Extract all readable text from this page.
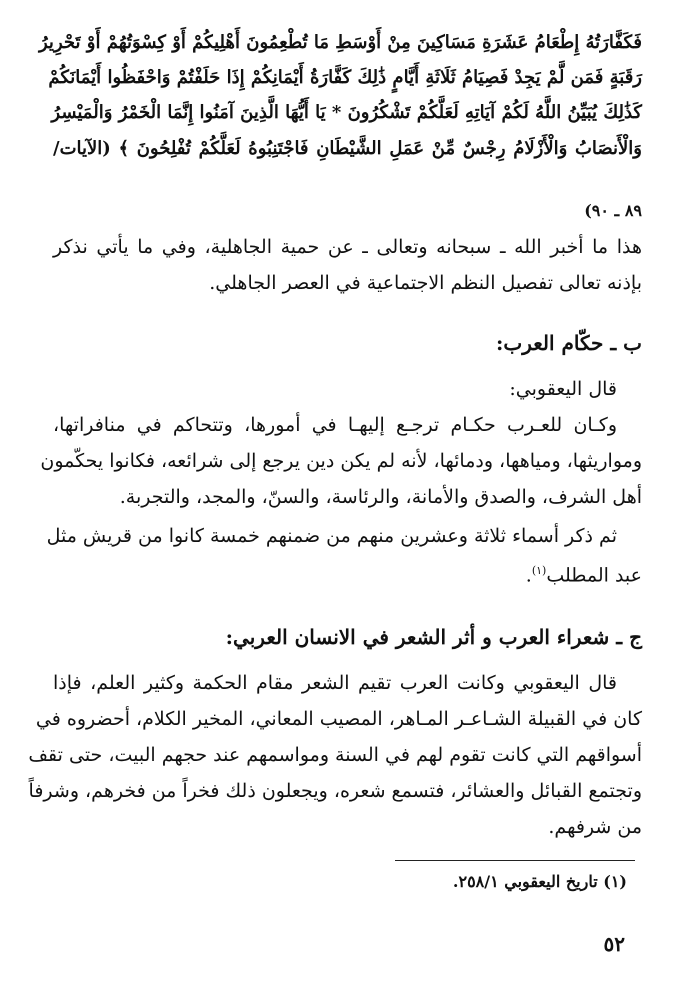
فَكَفَّارَتُهُ إِطْعَامُ عَشَرَةِ مَسَاكِينَ مِنْ أَوْسَطِ مَا تُطْعِمُونَ أَهْلِيكُمْ أَوْ كِسْوَتُهُمْ أَوْ تَحْرِيرُ
رَقَبَةٍ فَمَن لَّمْ يَجِدْ فَصِيَامُ ثَلَاثَةِ أَيَّامٍ ذَٰلِكَ كَفَّارَةُ أَيْمَانِكُمْ إِذَا حَلَفْتُمْ وَاحْفَظُوا أَيْمَانَكُمْ
كَذَٰلِكَ يُبَيِّنُ اللَّهُ لَكُمْ آيَاتِهِ لَعَلَّكُمْ تَشْكُرُونَ * يَا أَيُّهَا الَّذِينَ آمَنُوا إِنَّمَا الْخَمْرُ وَالْمَيْسِرُ
وَالْأَنصَابُ وَالْأَزْلَامُ رِجْسٌ مِّنْ عَمَلِ الشَّيْطَانِ فَاجْتَنِبُوهُ لَعَلَّكُمْ تُفْلِحُونَ ﴾ (الآيات/
٨٩ ـ ٩٠)
هذا ما أخبر الله ـ سبحانه وتعالى ـ عن حمية الجاهلية، وفي ما يأتي نذكر
بإذنه تعالى تفصيل النظم الاجتماعية في العصر الجاهلي.
ب ـ حكّام العرب:
قال اليعقوبي:
وكـان للعـرب حكـام ترجـع إليهـا في أمورها، وتتحاكم في منافراتها،
ومواريثها، ومياهها، ودمائها، لأنه لم يكن دين يرجع إلى شرائعه، فكانوا يحكّمون
أهل الشرف، والصدق والأمانة، والرئاسة، والسنّ، والمجد، والتجربة.
ثم ذكر أسماء ثلاثة وعشرين منهم من ضمنهم خمسة كانوا من قريش مثل
عبد المطلب$^{(١)}$.
ج ـ شعراء العرب و أثر الشعر في الانسان العربي:
قال اليعقوبي وكانت العرب تقيم الشعر مقام الحكمة وكثير العلم، فإذا
كان في القبيلة الشـاعـر المـاهر، المصيب المعاني، المخير الكلام، أحضروه في
أسواقهم التي كانت تقوم لهم في السنة ومواسمهم عند حجهم البيت، حتى تقف
وتجتمع القبائل والعشائر، فتسمع شعره، ويجعلون ذلك فخراً من فخرهم، وشرفاً
من شرفهم.
(١) تاريخ اليعقوبي ٢٥٨/١.
٥٢
